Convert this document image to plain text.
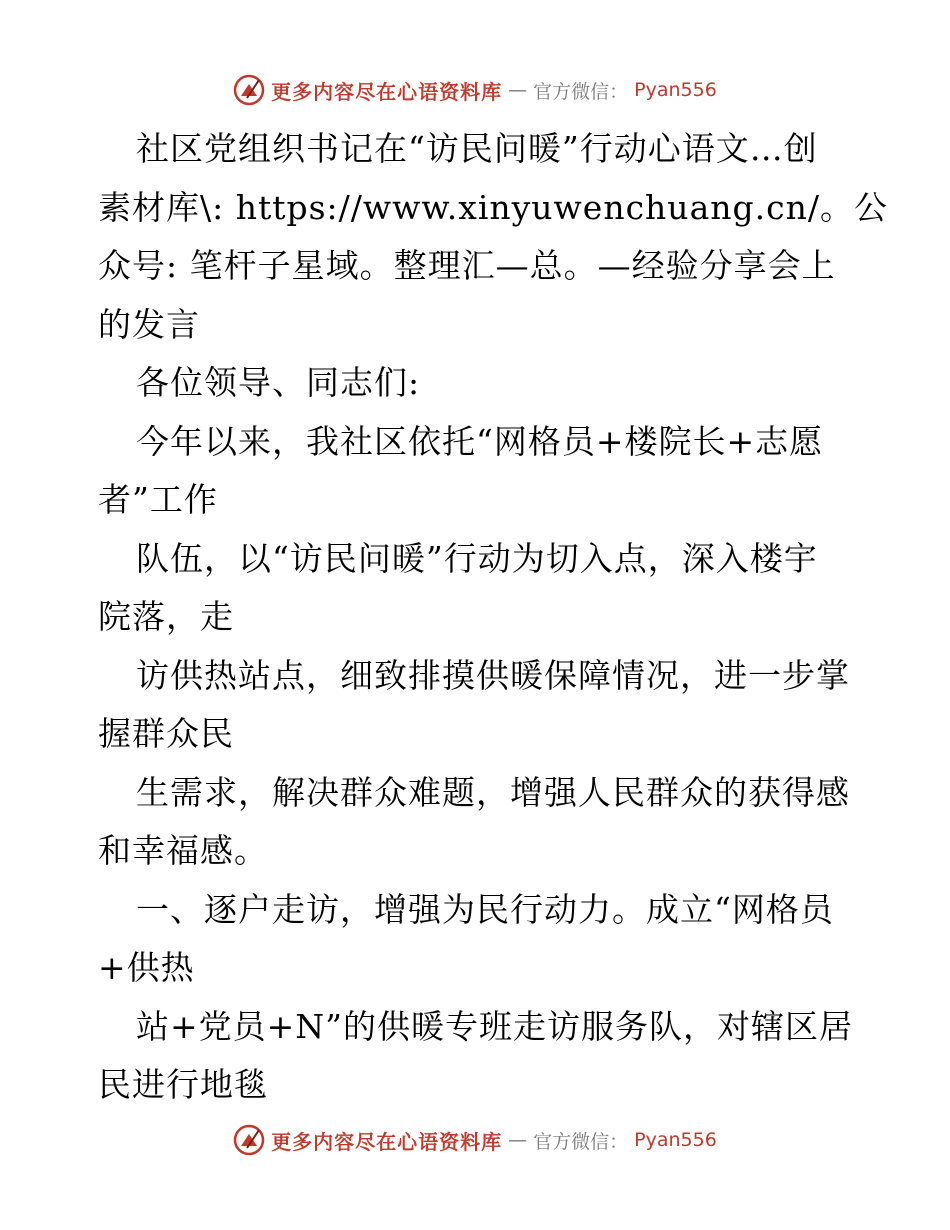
更多内容尽在心语资料库 — 官方微信： Pyan556
社区党组织书记在“访民问暖”行动心语文…创
素材库\: https://www.xinyuwenchuang.cn/。公
众号: 笔杆子星域。整理汇—总。—经验分享会上
的发言
各位领导、同志们:
今年以来，我社区依托“网格员+楼院长+志愿
者”工作
队伍，以“访民问暖”行动为切入点，深入楼宇
院落，走
访供热站点，细致排摸供暖保障情况，进一步掌
握群众民
生需求，解决群众难题，增强人民群众的获得感
和幸福感。
一、逐户走访，增强为民行动力。成立“网格员
+供热
站+党员+N”的供暖专班走访服务队，对辖区居
民进行地毯
更多内容尽在心语资料库 — 官方微信： Pyan556
